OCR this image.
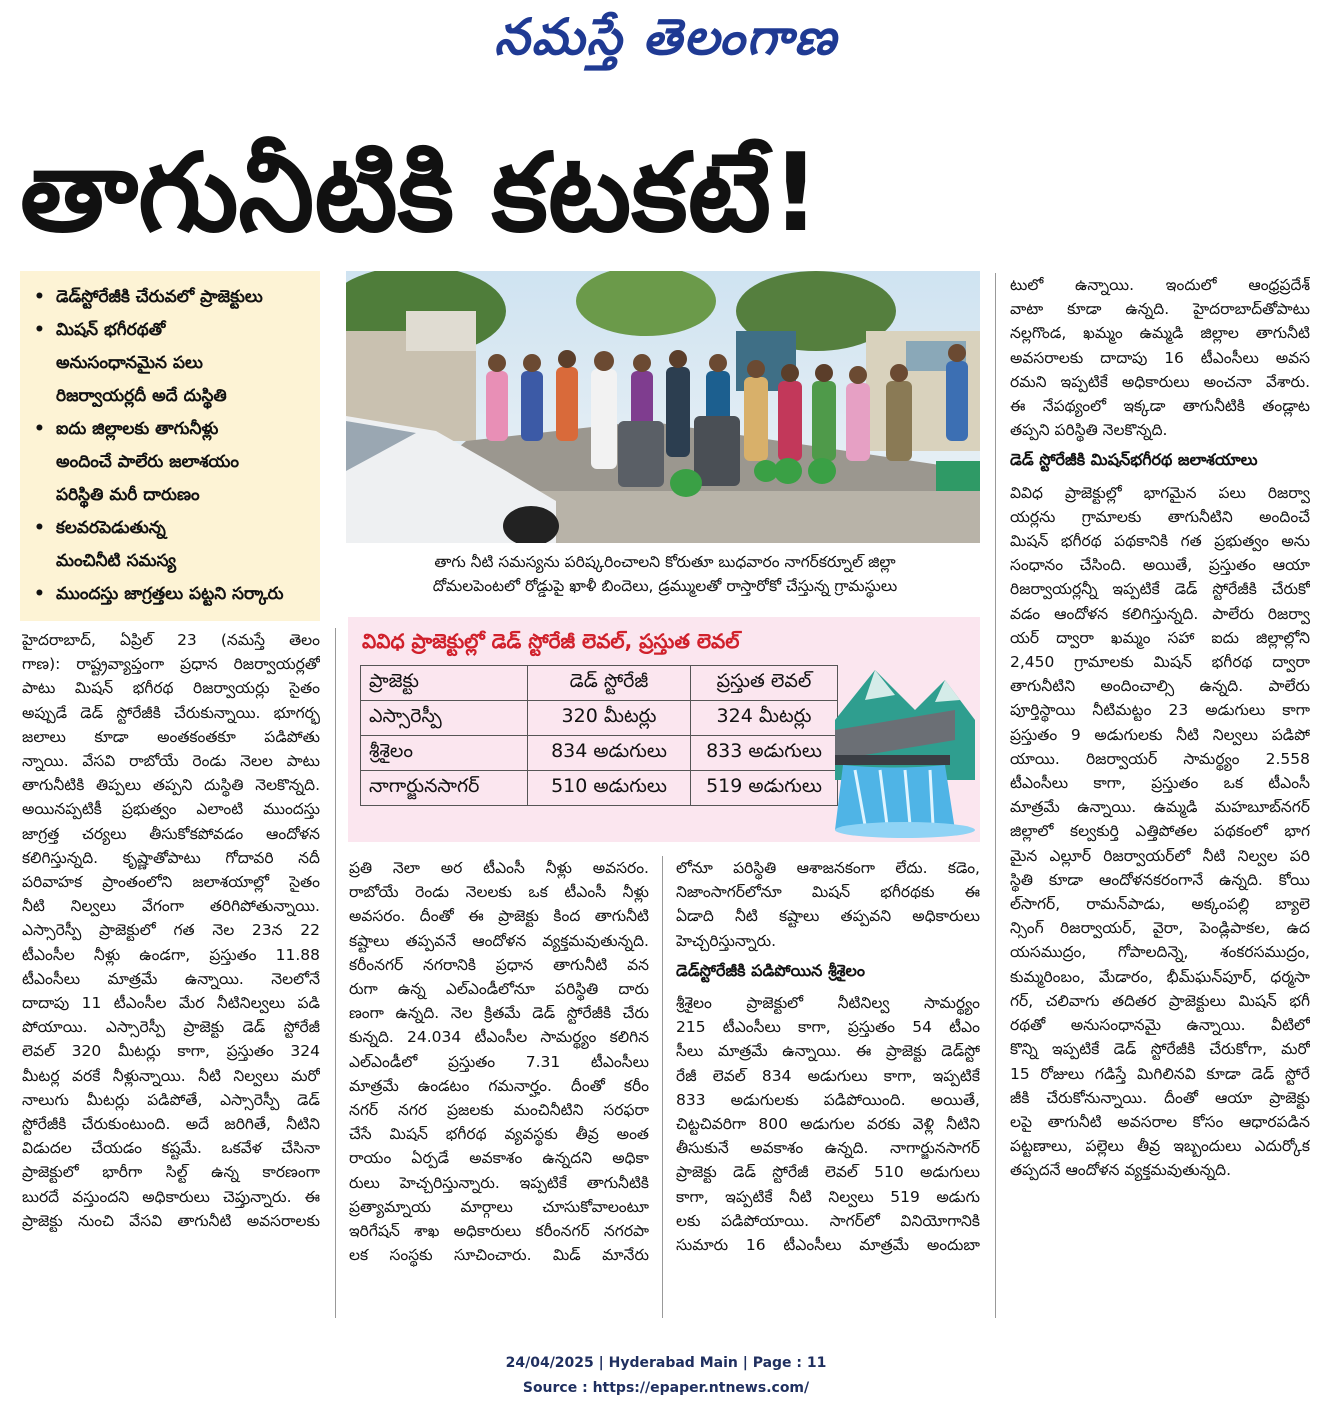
నమస్తే తెలంగాణ
తాగునీటికి కటకటే!
• డెడ్‌స్టోరేజీకి చేరువలో ప్రాజెక్టులు
• మిషన్ భగీరథతో
అనుసంధానమైన పలు
రిజర్వాయర్లదీ అదే దుస్థితి
• ఐదు జిల్లాలకు తాగునీళ్లు
అందించే పాలేరు జలాశయం
పరిస్థితి మరీ దారుణం
• కలవరపెడుతున్న
మంచినీటి సమస్య
• ముందస్తు జాగ్రత్తలు పట్టని సర్కారు
తాగు నీటి సమస్యను పరిష్కరించాలని కోరుతూ బుధవారం నాగర్‌కర్నూల్ జిల్లా
దోమలపెంటలో రోడ్డుపై ఖాళీ బిందెలు, డ్రమ్ములతో రాస్తారోకో చేస్తున్న గ్రామస్థులు
వివిధ ప్రాజెక్టుల్లో డెడ్ స్టోరేజీ లెవల్, ప్రస్తుత లెవల్
ప్రాజెక్టు	డెడ్ స్టోరేజీ	ప్రస్తుత లెవల్
ఎస్సారెస్పీ	320 మీటర్లు	324 మీటర్లు
శ్రీశైలం	834 అడుగులు	833 అడుగులు
నాగార్జునసాగర్	510 అడుగులు	519 అడుగులు
హైదరాబాద్, ఏప్రిల్ 23 (నమస్తే తెలం
గాణ): రాష్ట్రవ్యాప్తంగా ప్రధాన రిజర్వాయర్లతో
పాటు మిషన్ భగీరథ రిజర్వాయర్లు సైతం
అప్పుడే డెడ్ స్టోరేజీకి చేరుకున్నాయి. భూగర్భ
జలాలు కూడా అంతకంతకూ పడిపోతు
న్నాయి. వేసవి రాబోయే రెండు నెలల పాటు
తాగునీటికి తిప్పలు తప్పని దుస్థితి నెలకొన్నది.
అయినప్పటికీ ప్రభుత్వం ఎలాంటి ముందస్తు
జాగ్రత్త చర్యలు తీసుకోకపోవడం ఆందోళన
కలిగిస్తున్నది. కృష్ణాతోపాటు గోదావరి నదీ
పరివాహక ప్రాంతంలోని జలాశయాల్లో సైతం
నీటి నిల్వలు వేగంగా తరిగిపోతున్నాయి.
ఎస్సారెస్పీ ప్రాజెక్టులో గత నెల 23న 22
టీఎంసీల నీళ్లు ఉండగా, ప్రస్తుతం 11.88
టీఎంసీలు మాత్రమే ఉన్నాయి. నెలలోనే
దాదాపు 11 టీఎంసీల మేర నీటినిల్వలు పడి
పోయాయి. ఎస్సారెస్పీ ప్రాజెక్టు డెడ్ స్టోరేజీ
లెవల్ 320 మీటర్లు కాగా, ప్రస్తుతం 324
మీటర్ల వరకే నీళ్లున్నాయి. నీటి నిల్వలు మరో
నాలుగు మీటర్లు పడిపోతే, ఎస్సారెస్పీ డెడ్
స్టోరేజీకి చేరుకుంటుంది. అదే జరిగితే, నీటిని
విడుదల చేయడం కష్టమే. ఒకవేళ చేసినా
ప్రాజెక్టులో భారీగా సిల్ట్ ఉన్న కారణంగా
బురదే వస్తుందని అధికారులు చెప్తున్నారు. ఈ
ప్రాజెక్టు నుంచి వేసవి తాగునీటి అవసరాలకు
ప్రతి నెలా అర టీఎంసీ నీళ్లు అవసరం.
రాబోయే రెండు నెలలకు ఒక టీఎంసీ నీళ్లు
అవసరం. దీంతో ఈ ప్రాజెక్టు కింద తాగునీటి
కష్టాలు తప్పవనే ఆందోళన వ్యక్తమవుతున్నది.
కరీంనగర్ నగరానికి ప్రధాన తాగునీటి వన
రుగా ఉన్న ఎల్‌ఎండీలోనూ పరిస్థితి దారు
ణంగా ఉన్నది. నెల క్రితమే డెడ్ స్టోరేజీకి చేరు
కున్నది. 24.034 టీఎంసీల సామర్థ్యం కలిగిన
ఎల్‌ఎండీలో ప్రస్తుతం 7.31 టీఎంసీలు
మాత్రమే ఉండటం గమనార్హం. దీంతో కరీం
నగర్ నగర ప్రజలకు మంచినీటిని సరఫరా
చేసే మిషన్ భగీరథ వ్యవస్థకు తీవ్ర అంత
రాయం ఏర్పడే అవకాశం ఉన్నదని అధికా
రులు హెచ్చరిస్తున్నారు. ఇప్పటికే తాగునీటికి
ప్రత్యామ్నాయ మార్గాలు చూసుకోవాలంటూ
ఇరిగేషన్ శాఖ అధికారులు కరీంనగర్ నగరపా
లక సంస్థకు సూచించారు. మిడ్ మానేరు
లోనూ పరిస్థితి ఆశాజనకంగా లేదు. కడెం,
నిజాంసాగర్‌లోనూ మిషన్ భగీరథకు ఈ
ఏడాది నీటి కష్టాలు తప్పవని అధికారులు
హెచ్చరిస్తున్నారు.
డెడ్‌స్టోరేజీకి పడిపోయిన శ్రీశైలం
శ్రీశైలం ప్రాజెక్టులో నీటినిల్వ సామర్థ్యం
215 టీఎంసీలు కాగా, ప్రస్తుతం 54 టీఎం
సీలు మాత్రమే ఉన్నాయి. ఈ ప్రాజెక్టు డెడ్‌స్టో
రేజీ లెవల్ 834 అడుగులు కాగా, ఇప్పటికే
833 అడుగులకు పడిపోయింది. అయితే,
చిట్టచివరిగా 800 అడుగుల వరకు వెళ్లి నీటిని
తీసుకునే అవకాశం ఉన్నది. నాగార్జునసాగర్
ప్రాజెక్టు డెడ్ స్టోరేజీ లెవల్ 510 అడుగులు
కాగా, ఇప్పటికే నీటి నిల్వలు 519 అడుగు
లకు పడిపోయాయి. సాగర్‌లో వినియోగానికి
సుమారు 16 టీఎంసీలు మాత్రమే అందుబా
టులో ఉన్నాయి. ఇందులో ఆంధ్రప్రదేశ్
వాటా కూడా ఉన్నది. హైదరాబాద్‌తోపాటు
నల్లగొండ, ఖమ్మం ఉమ్మడి జిల్లాల తాగునీటి
అవసరాలకు దాదాపు 16 టీఎంసీలు అవస
రమని ఇప్పటికే అధికారులు అంచనా వేశారు.
ఈ నేపథ్యంలో ఇక్కడా తాగునీటికి తండ్లాట
తప్పని పరిస్థితి నెలకొన్నది.
డెడ్ స్టోరేజీకి మిషన్‌భగీరథ జలాశయాలు
వివిధ ప్రాజెక్టుల్లో భాగమైన పలు రిజర్వా
యర్లను గ్రామాలకు తాగునీటిని అందించే
మిషన్ భగీరథ పథకానికి గత ప్రభుత్వం అను
సంధానం చేసింది. అయితే, ప్రస్తుతం ఆయా
రిజర్వాయర్లన్నీ ఇప్పటికే డెడ్ స్టోరేజీకి చేరుకో
వడం ఆందోళన కలిగిస్తున్నది. పాలేరు రిజర్వా
యర్ ద్వారా ఖమ్మం సహా ఐదు జిల్లాల్లోని
2,450 గ్రామాలకు మిషన్ భగీరథ ద్వారా
తాగునీటిని అందించాల్సి ఉన్నది. పాలేరు
పూర్తిస్థాయి నీటిమట్టం 23 అడుగులు కాగా
ప్రస్తుతం 9 అడుగులకు నీటి నిల్వలు పడిపో
యాయి. రిజర్వాయర్ సామర్థ్యం 2.558
టీఎంసీలు కాగా, ప్రస్తుతం ఒక టీఎంసీ
మాత్రమే ఉన్నాయి. ఉమ్మడి మహబూబ్‌నగర్
జిల్లాలో కల్వకుర్తి ఎత్తిపోతల పథకంలో భాగ
మైన ఎల్లూర్ రిజర్వాయర్‌లో నీటి నిల్వల పరి
స్థితి కూడా ఆందోళనకరంగానే ఉన్నది. కోయి
ల్‌సాగర్, రామన్‌పాడు, అక్కంపల్లి బ్యాలె
న్సింగ్ రిజర్వాయర్, వైరా, పెండ్లిపాకల, ఉద
యసముద్రం, గోపాలదిన్నె, శంకరసముద్రం,
కుమ్మరింబం, మేడారం, భీమ్‌ఘన్‌పూర్, ధర్మసా
గర్, చలివాగు తదితర ప్రాజెక్టులు మిషన్ భగీ
రథతో అనుసంధానమై ఉన్నాయి. వీటిలో
కొన్ని ఇప్పటికే డెడ్ స్టోరేజీకి చేరుకోగా, మరో
15 రోజులు గడిస్తే మిగిలినవి కూడా డెడ్ స్టోరే
జీకి చేరుకోనున్నాయి. దీంతో ఆయా ప్రాజెక్టు
లపై తాగునీటి అవసరాల కోసం ఆధారపడిన
పట్టణాలు, పల్లెలు తీవ్ర ఇబ్బందులు ఎదుర్కోక
తప్పదనే ఆందోళన వ్యక్తమవుతున్నది.
24/04/2025 | Hyderabad Main | Page : 11
Source : https://epaper.ntnews.com/
